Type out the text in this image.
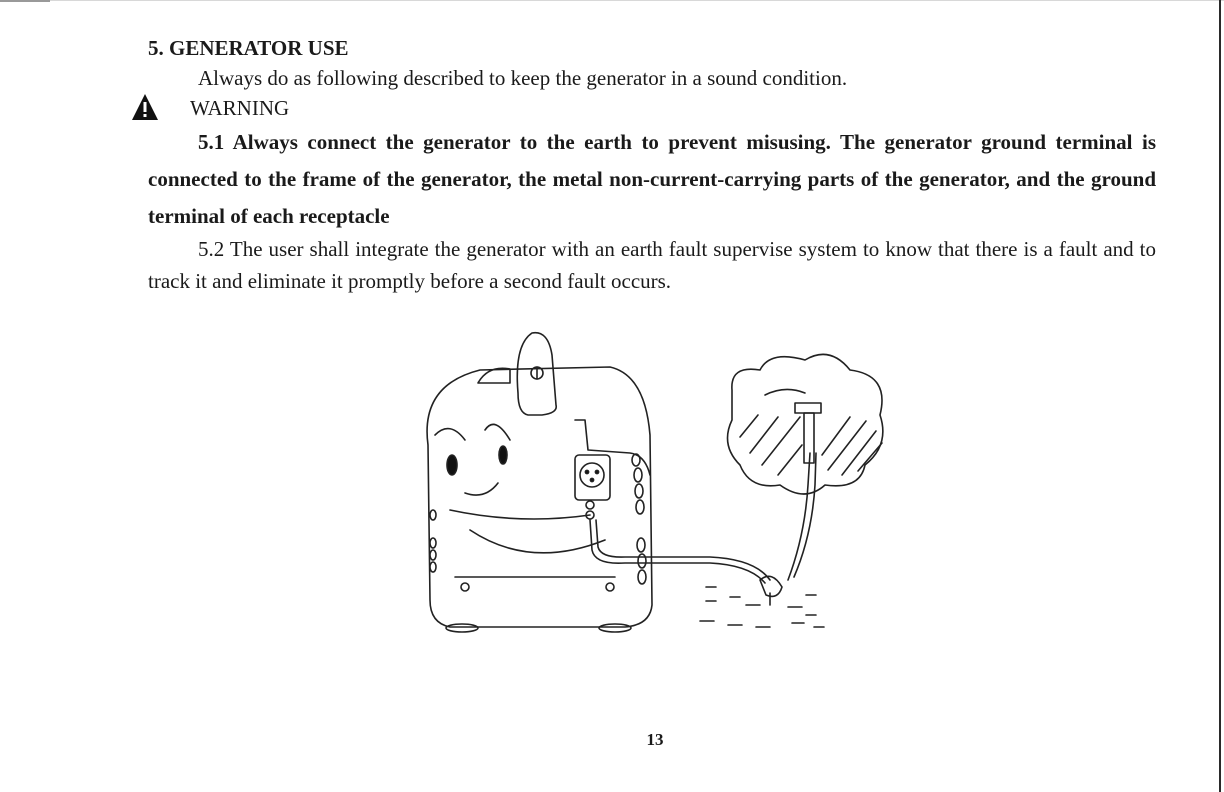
5. GENERATOR USE

Always do as following described to keep the generator in a sound condition.

WARNING

5.1 Always connect the generator to the earth to prevent misusing. The generator ground terminal is connected to the frame of the generator, the metal non-current-carrying parts of the generator, and the ground terminal of each receptacle

5.2 The user shall integrate the generator with an earth fault supervise system to know that there is a fault and to track it and eliminate it promptly before a second fault occurs.

13
